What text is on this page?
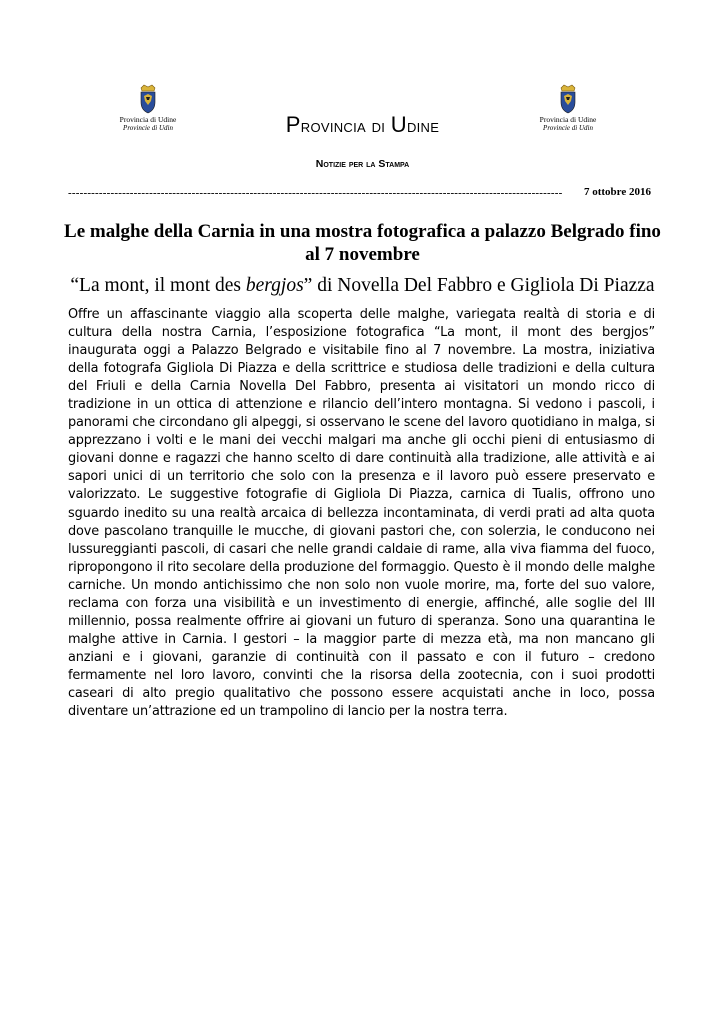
Provincia di Udine
Provincie di Udin
Provincia di Udine
Provincie di Udin
Provincia di Udine
Notizie per la Stampa
--------------------------------------------------------------------------------------------------------------------------------	7 ottobre 2016
Le malghe della Carnia in una mostra fotografica a palazzo Belgrado fino al 7 novembre
“La mont, il mont des bergjos” di Novella Del Fabbro e Gigliola Di Piazza
Offre un affascinante viaggio alla scoperta delle malghe, variegata realtà di storia e di cultura della nostra Carnia, l’esposizione fotografica “La mont, il mont des bergjos” inaugurata oggi a Palazzo Belgrado e visitabile fino al 7 novembre. La mostra, iniziativa della fotografa Gigliola Di Piazza e della scrittrice e studiosa delle tradizioni e della cultura del Friuli e della Carnia Novella Del Fabbro, presenta ai visitatori un mondo ricco di tradizione in un ottica di attenzione e rilancio dell’intero montagna. Si vedono i pascoli, i panorami che circondano gli alpeggi, si osservano le scene del lavoro quotidiano in malga, si apprezzano i volti e le mani dei vecchi malgari ma anche gli occhi pieni di entusiasmo di giovani donne e ragazzi che hanno scelto di dare continuità alla tradizione, alle attività e ai sapori unici di un territorio che solo con la presenza e il lavoro può essere preservato e valorizzato. Le suggestive fotografie di Gigliola Di Piazza, carnica di Tualis, offrono uno sguardo inedito su una realtà arcaica di bellezza incontaminata, di verdi prati ad alta quota dove pascolano tranquille le mucche, di giovani pastori che, con solerzia, le conducono nei lussureggianti pascoli, di casari che nelle grandi caldaie di rame, alla viva fiamma del fuoco, ripropongono il rito secolare della produzione del formaggio. Questo è il mondo delle malghe carniche. Un mondo antichissimo che non solo non vuole morire, ma, forte del suo valore, reclama con forza una visibilità e un investimento di energie, affinché, alle soglie del III millennio, possa realmente offrire ai giovani un futuro di speranza. Sono una quarantina le malghe attive in Carnia. I gestori – la maggior parte di mezza età, ma non mancano gli anziani e i giovani, garanzie di continuità con il passato e con il futuro – credono fermamente nel loro lavoro, convinti che la risorsa della zootecnia, con i suoi prodotti caseari di alto pregio qualitativo che possono essere acquistati anche in loco, possa diventare un’attrazione ed un trampolino di lancio per la nostra terra.
